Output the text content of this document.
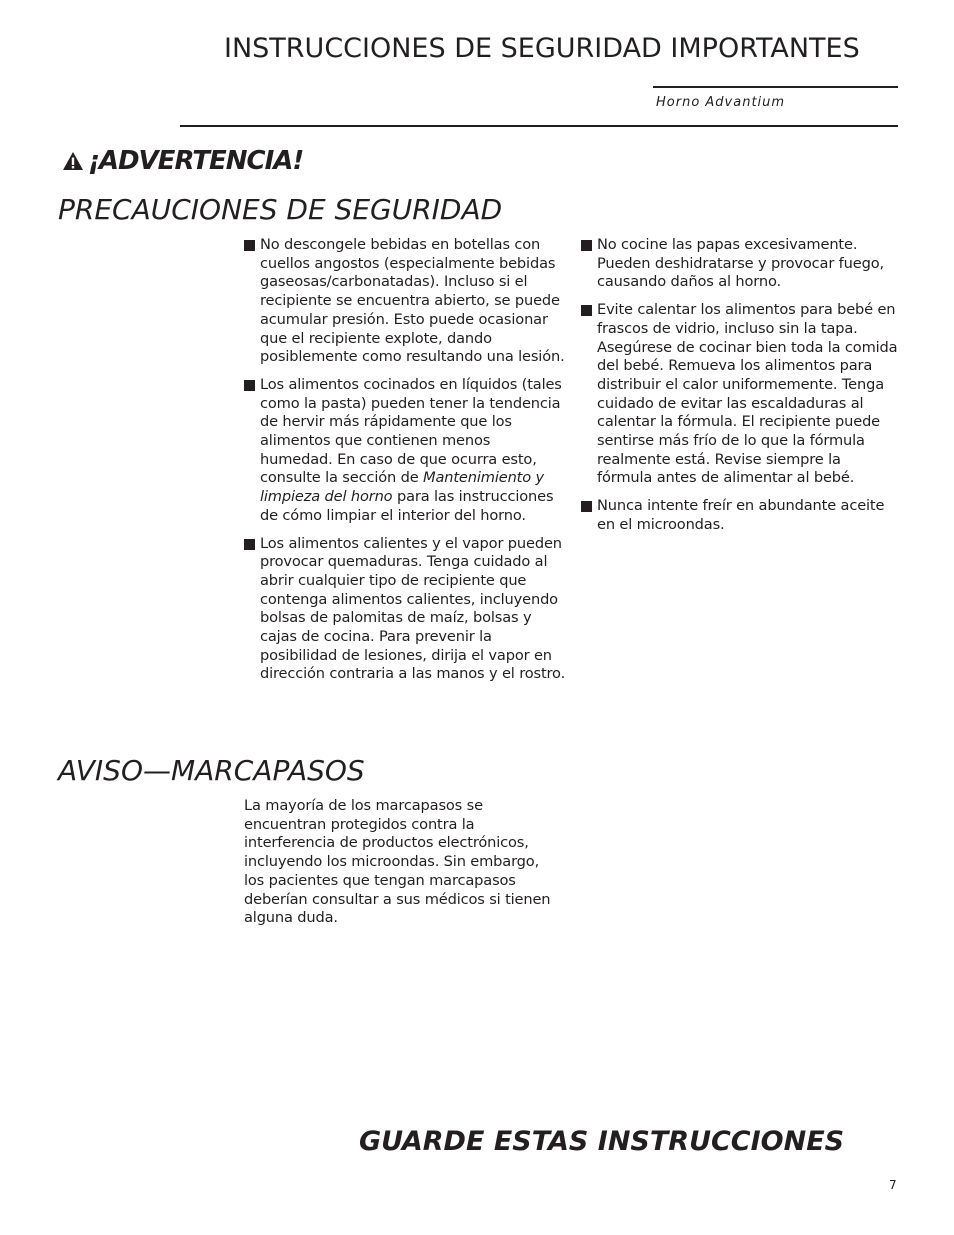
INSTRUCCIONES DE SEGURIDAD IMPORTANTES
Horno Advantium
¡ADVERTENCIA!
PRECAUCIONES DE SEGURIDAD

No descongele bebidas en botellas con cuellos angostos (especialmente bebidas gaseosas/carbonatadas). Incluso si el recipiente se encuentra abierto, se puede acumular presión. Esto puede ocasionar que el recipiente explote, dando posiblemente como resultando una lesión.

Los alimentos cocinados en líquidos (tales como la pasta) pueden tener la tendencia de hervir más rápidamente que los alimentos que contienen menos humedad. En caso de que ocurra esto, consulte la sección de Mantenimiento y limpieza del horno para las instrucciones de cómo limpiar el interior del horno.

Los alimentos calientes y el vapor pueden provocar quemaduras. Tenga cuidado al abrir cualquier tipo de recipiente que contenga alimentos calientes, incluyendo bolsas de palomitas de maíz, bolsas y cajas de cocina. Para prevenir la posibilidad de lesiones, dirija el vapor en dirección contraria a las manos y el rostro.

No cocine las papas excesivamente. Pueden deshidratarse y provocar fuego, causando daños al horno.

Evite calentar los alimentos para bebé en frascos de vidrio, incluso sin la tapa. Asegúrese de cocinar bien toda la comida del bebé. Remueva los alimentos para distribuir el calor uniformemente. Tenga cuidado de evitar las escaldaduras al calentar la fórmula. El recipiente puede sentirse más frío de lo que la fórmula realmente está. Revise siempre la fórmula antes de alimentar al bebé.

Nunca intente freír en abundante aceite en el microondas.

AVISO—MARCAPASOS

La mayoría de los marcapasos se encuentran protegidos contra la interferencia de productos electrónicos, incluyendo los microondas. Sin embargo, los pacientes que tengan marcapasos deberían consultar a sus médicos si tienen alguna duda.

GUARDE ESTAS INSTRUCCIONES
7
